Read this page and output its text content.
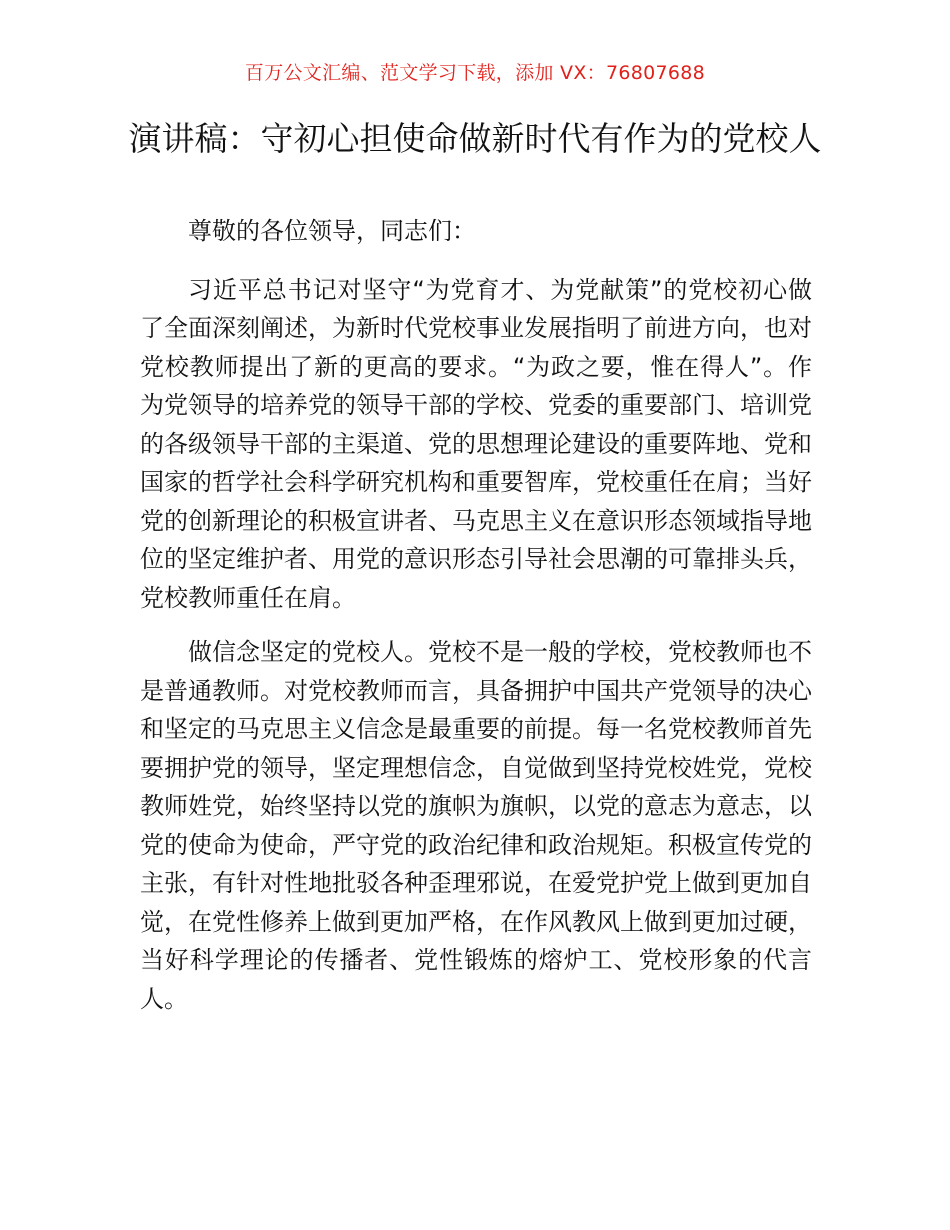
百万公文汇编、范文学习下载，添加 VX：76807688
演讲稿：守初心担使命做新时代有作为的党校人

尊敬的各位领导，同志们：

习近平总书记对坚守“为党育才、为党献策”的党校初心做了全面深刻阐述，为新时代党校事业发展指明了前进方向，也对党校教师提出了新的更高的要求。“为政之要，惟在得人”。作为党领导的培养党的领导干部的学校、党委的重要部门、培训党的各级领导干部的主渠道、党的思想理论建设的重要阵地、党和国家的哲学社会科学研究机构和重要智库，党校重任在肩；当好党的创新理论的积极宣讲者、马克思主义在意识形态领域指导地位的坚定维护者、用党的意识形态引导社会思潮的可靠排头兵，党校教师重任在肩。

做信念坚定的党校人。党校不是一般的学校，党校教师也不是普通教师。对党校教师而言，具备拥护中国共产党领导的决心和坚定的马克思主义信念是最重要的前提。每一名党校教师首先要拥护党的领导，坚定理想信念，自觉做到坚持党校姓党，党校教师姓党，始终坚持以党的旗帜为旗帜，以党的意志为意志，以党的使命为使命，严守党的政治纪律和政治规矩。积极宣传党的主张，有针对性地批驳各种歪理邪说，在爱党护党上做到更加自觉，在党性修养上做到更加严格，在作风教风上做到更加过硬，当好科学理论的传播者、党性锻炼的熔炉工、党校形象的代言人。
